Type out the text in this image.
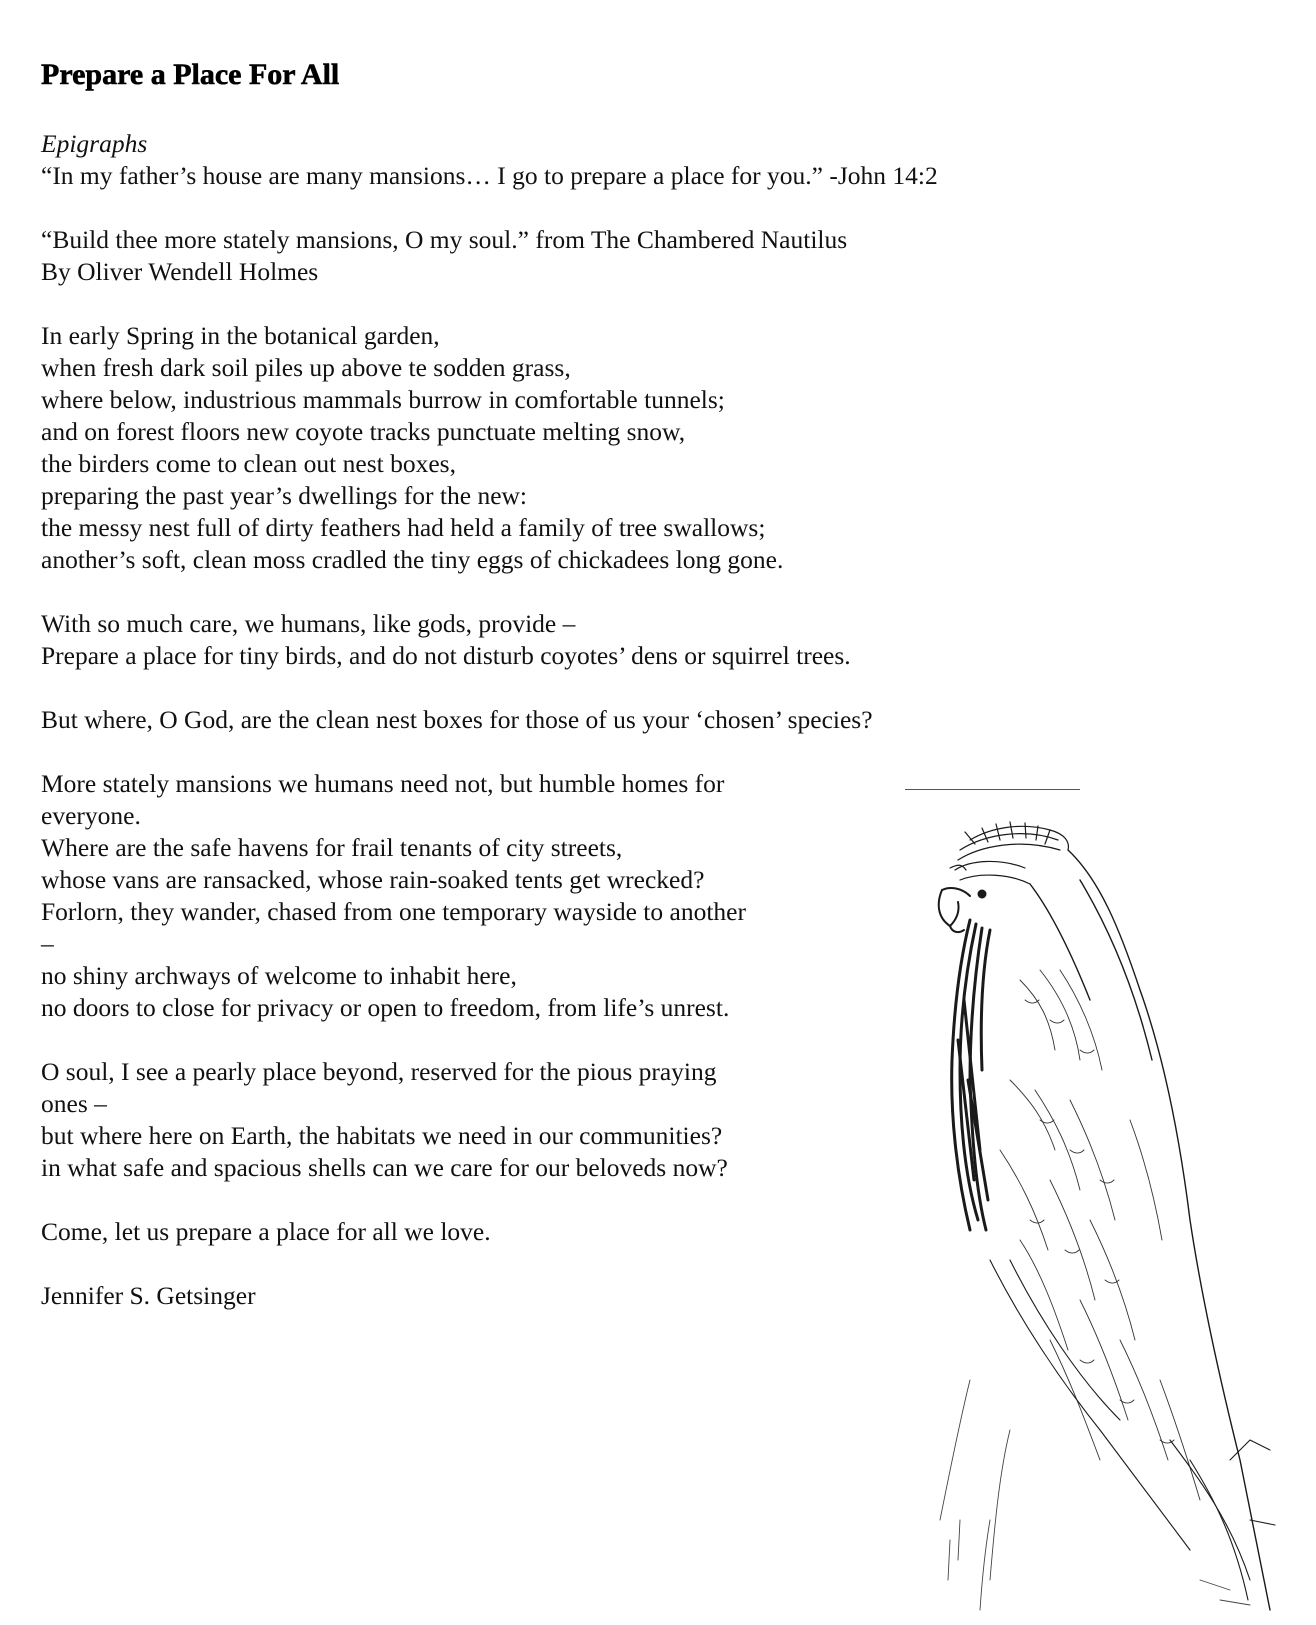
Prepare a Place For All
Epigraphs
“In my father’s house are many mansions… I go to prepare a place for you.” -John 14:2
“Build thee more stately mansions, O my soul.” from The Chambered Nautilus
By Oliver Wendell Holmes
In early Spring in the botanical garden,
when fresh dark soil piles up above te sodden grass,
where below, industrious mammals burrow in comfortable tunnels;
and on forest floors new coyote tracks punctuate melting snow,
the birders come to clean out nest boxes,
preparing the past year’s dwellings for the new:
the messy nest full of dirty feathers had held a family of tree swallows;
another’s soft, clean moss cradled the tiny eggs of chickadees long gone.
With so much care, we humans, like gods, provide –
Prepare a place for tiny birds, and do not disturb coyotes’ dens or squirrel trees.
But where, O God, are the clean nest boxes for those of us your ‘chosen’ species?
More stately mansions we humans need not, but humble homes for
everyone.
Where are the safe havens for frail tenants of city streets,
whose vans are ransacked, whose rain-soaked tents get wrecked?
Forlorn, they wander, chased from one temporary wayside to another
–
no shiny archways of welcome to inhabit here,
no doors to close for privacy or open to freedom, from life’s unrest.
O soul, I see a pearly place beyond, reserved for the pious praying
ones –
but where here on Earth, the habitats we need in our communities?
in what safe and spacious shells can we care for our beloveds now?
Come, let us prepare a place for all we love.
Jennifer S. Getsinger
